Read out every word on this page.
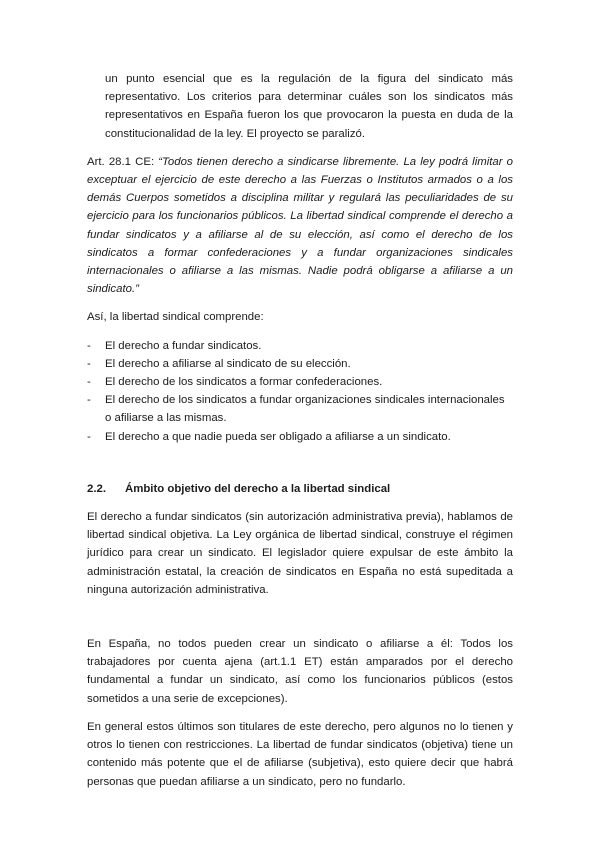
un punto esencial que es la regulación de la figura del sindicato más representativo. Los criterios para determinar cuáles son los sindicatos más representativos en España fueron los que provocaron la puesta en duda de la constitucionalidad de la ley. El proyecto se paralizó.

Art. 28.1 CE: “Todos tienen derecho a sindicarse libremente. La ley podrá limitar o exceptuar el ejercicio de este derecho a las Fuerzas o Institutos armados o a los demás Cuerpos sometidos a disciplina militar y regulará las peculiaridades de su ejercicio para los funcionarios públicos. La libertad sindical comprende el derecho a fundar sindicatos y a afiliarse al de su elección, así como el derecho de los sindicatos a formar confederaciones y a fundar organizaciones sindicales internacionales o afiliarse a las mismas. Nadie podrá obligarse a afiliarse a un sindicato.”

Así, la libertad sindical comprende:

- El derecho a fundar sindicatos.
- El derecho a afiliarse al sindicato de su elección.
- El derecho de los sindicatos a formar confederaciones.
- El derecho de los sindicatos a fundar organizaciones sindicales internacionales o afiliarse a las mismas.
- El derecho a que nadie pueda ser obligado a afiliarse a un sindicato.
2.2.	Ámbito objetivo del derecho a la libertad sindical

El derecho a fundar sindicatos (sin autorización administrativa previa), hablamos de libertad sindical objetiva. La Ley orgánica de libertad sindical, construye el régimen jurídico para crear un sindicato. El legislador quiere expulsar de este ámbito la administración estatal, la creación de sindicatos en España no está supeditada a ninguna autorización administrativa.

En España, no todos pueden crear un sindicato o afiliarse a él: Todos los trabajadores por cuenta ajena (art.1.1 ET) están amparados por el derecho fundamental a fundar un sindicato, así como los funcionarios públicos (estos sometidos a una serie de excepciones).

En general estos últimos son titulares de este derecho, pero algunos no lo tienen y otros lo tienen con restricciones. La libertad de fundar sindicatos (objetiva) tiene un contenido más potente que el de afiliarse (subjetiva), esto quiere decir que habrá personas que puedan afiliarse a un sindicato, pero no fundarlo.
